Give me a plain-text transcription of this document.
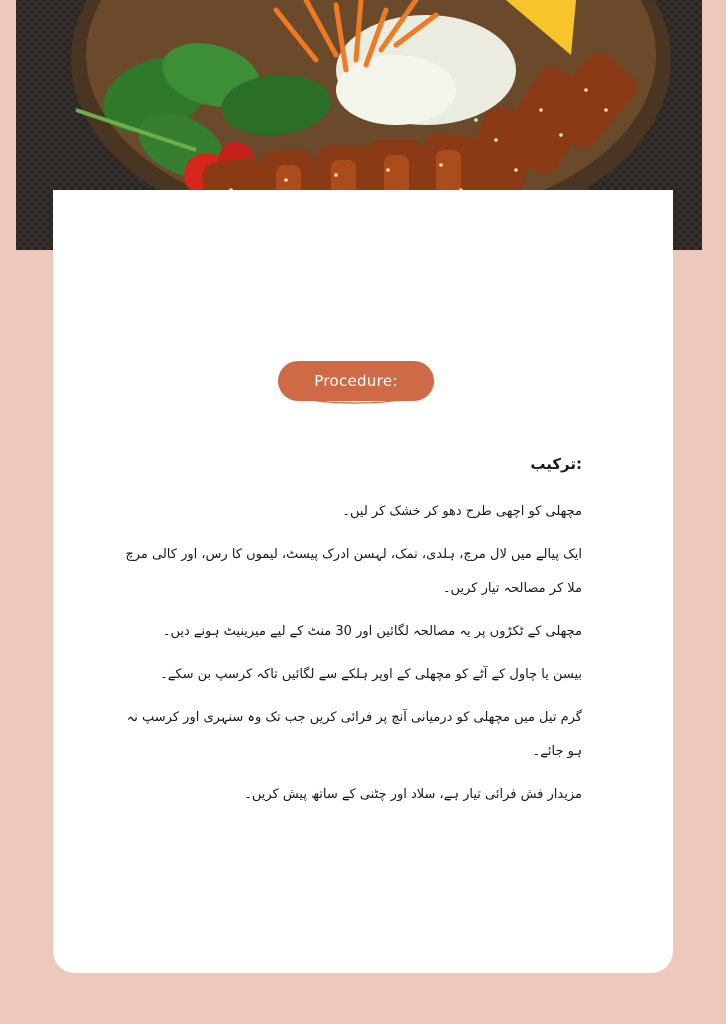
Procedure:
:ترکیب
مچھلی کو اچھی طرح دھو کر خشک کر لیں۔
ایک پیالے میں لال مرچ، ہلدی، نمک، لہسن ادرک پیسٹ، لیموں کا رس، اور کالی مرچ ملا کر مصالحہ تیار کریں۔
مچھلی کے ٹکڑوں پر یہ مصالحہ لگائیں اور 30 منٹ کے لیے میرینیٹ ہونے دیں۔
بیسن یا چاول کے آٹے کو مچھلی کے اوپر ہلکے سے لگائیں تاکہ کرسپ بن سکے۔
گرم تیل میں مچھلی کو درمیانی آنچ پر فرائی کریں جب تک وہ سنہری اور کرسپ نہ ہو جائے۔
مزیدار فش فرائی تیار ہے، سلاد اور چٹنی کے ساتھ پیش کریں۔
